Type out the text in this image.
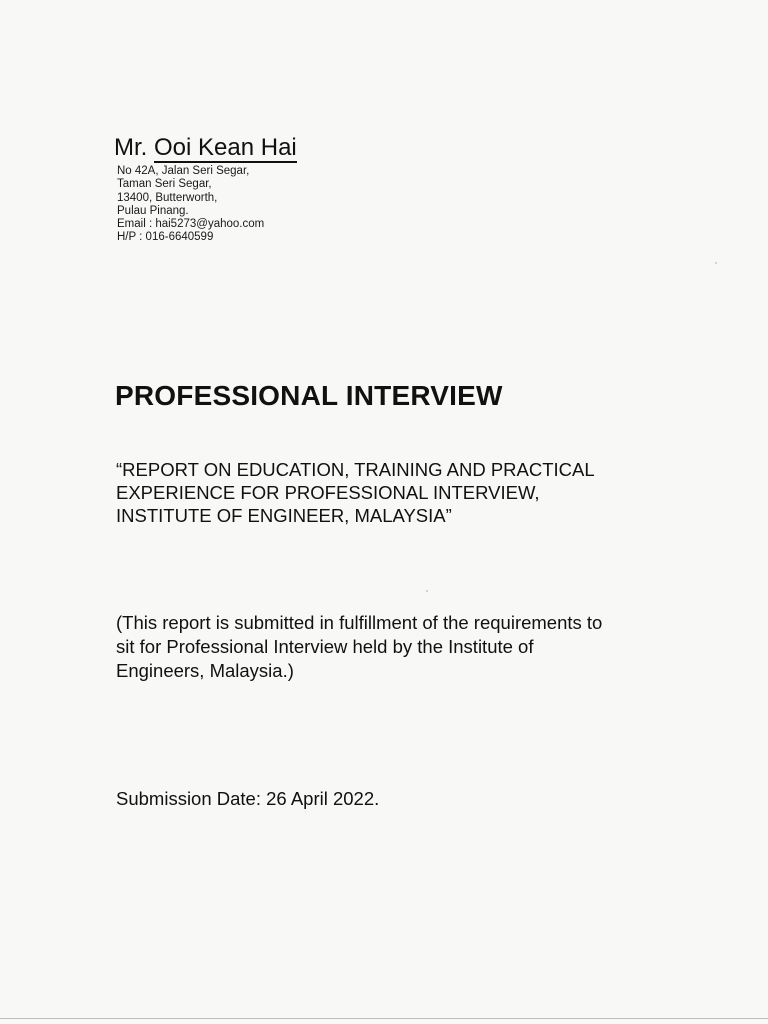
Mr. Ooi Kean Hai
No 42A, Jalan Seri Segar,
Taman Seri Segar,
13400, Butterworth,
Pulau Pinang.
Email : hai5273@yahoo.com
H/P : 016-6640599
PROFESSIONAL INTERVIEW
“REPORT ON EDUCATION, TRAINING AND PRACTICAL
EXPERIENCE FOR PROFESSIONAL INTERVIEW,
INSTITUTE OF ENGINEER, MALAYSIA”
(This report is submitted in fulfillment of the requirements to
sit for Professional Interview held by the Institute of
Engineers, Malaysia.)
Submission Date: 26 April 2022.
